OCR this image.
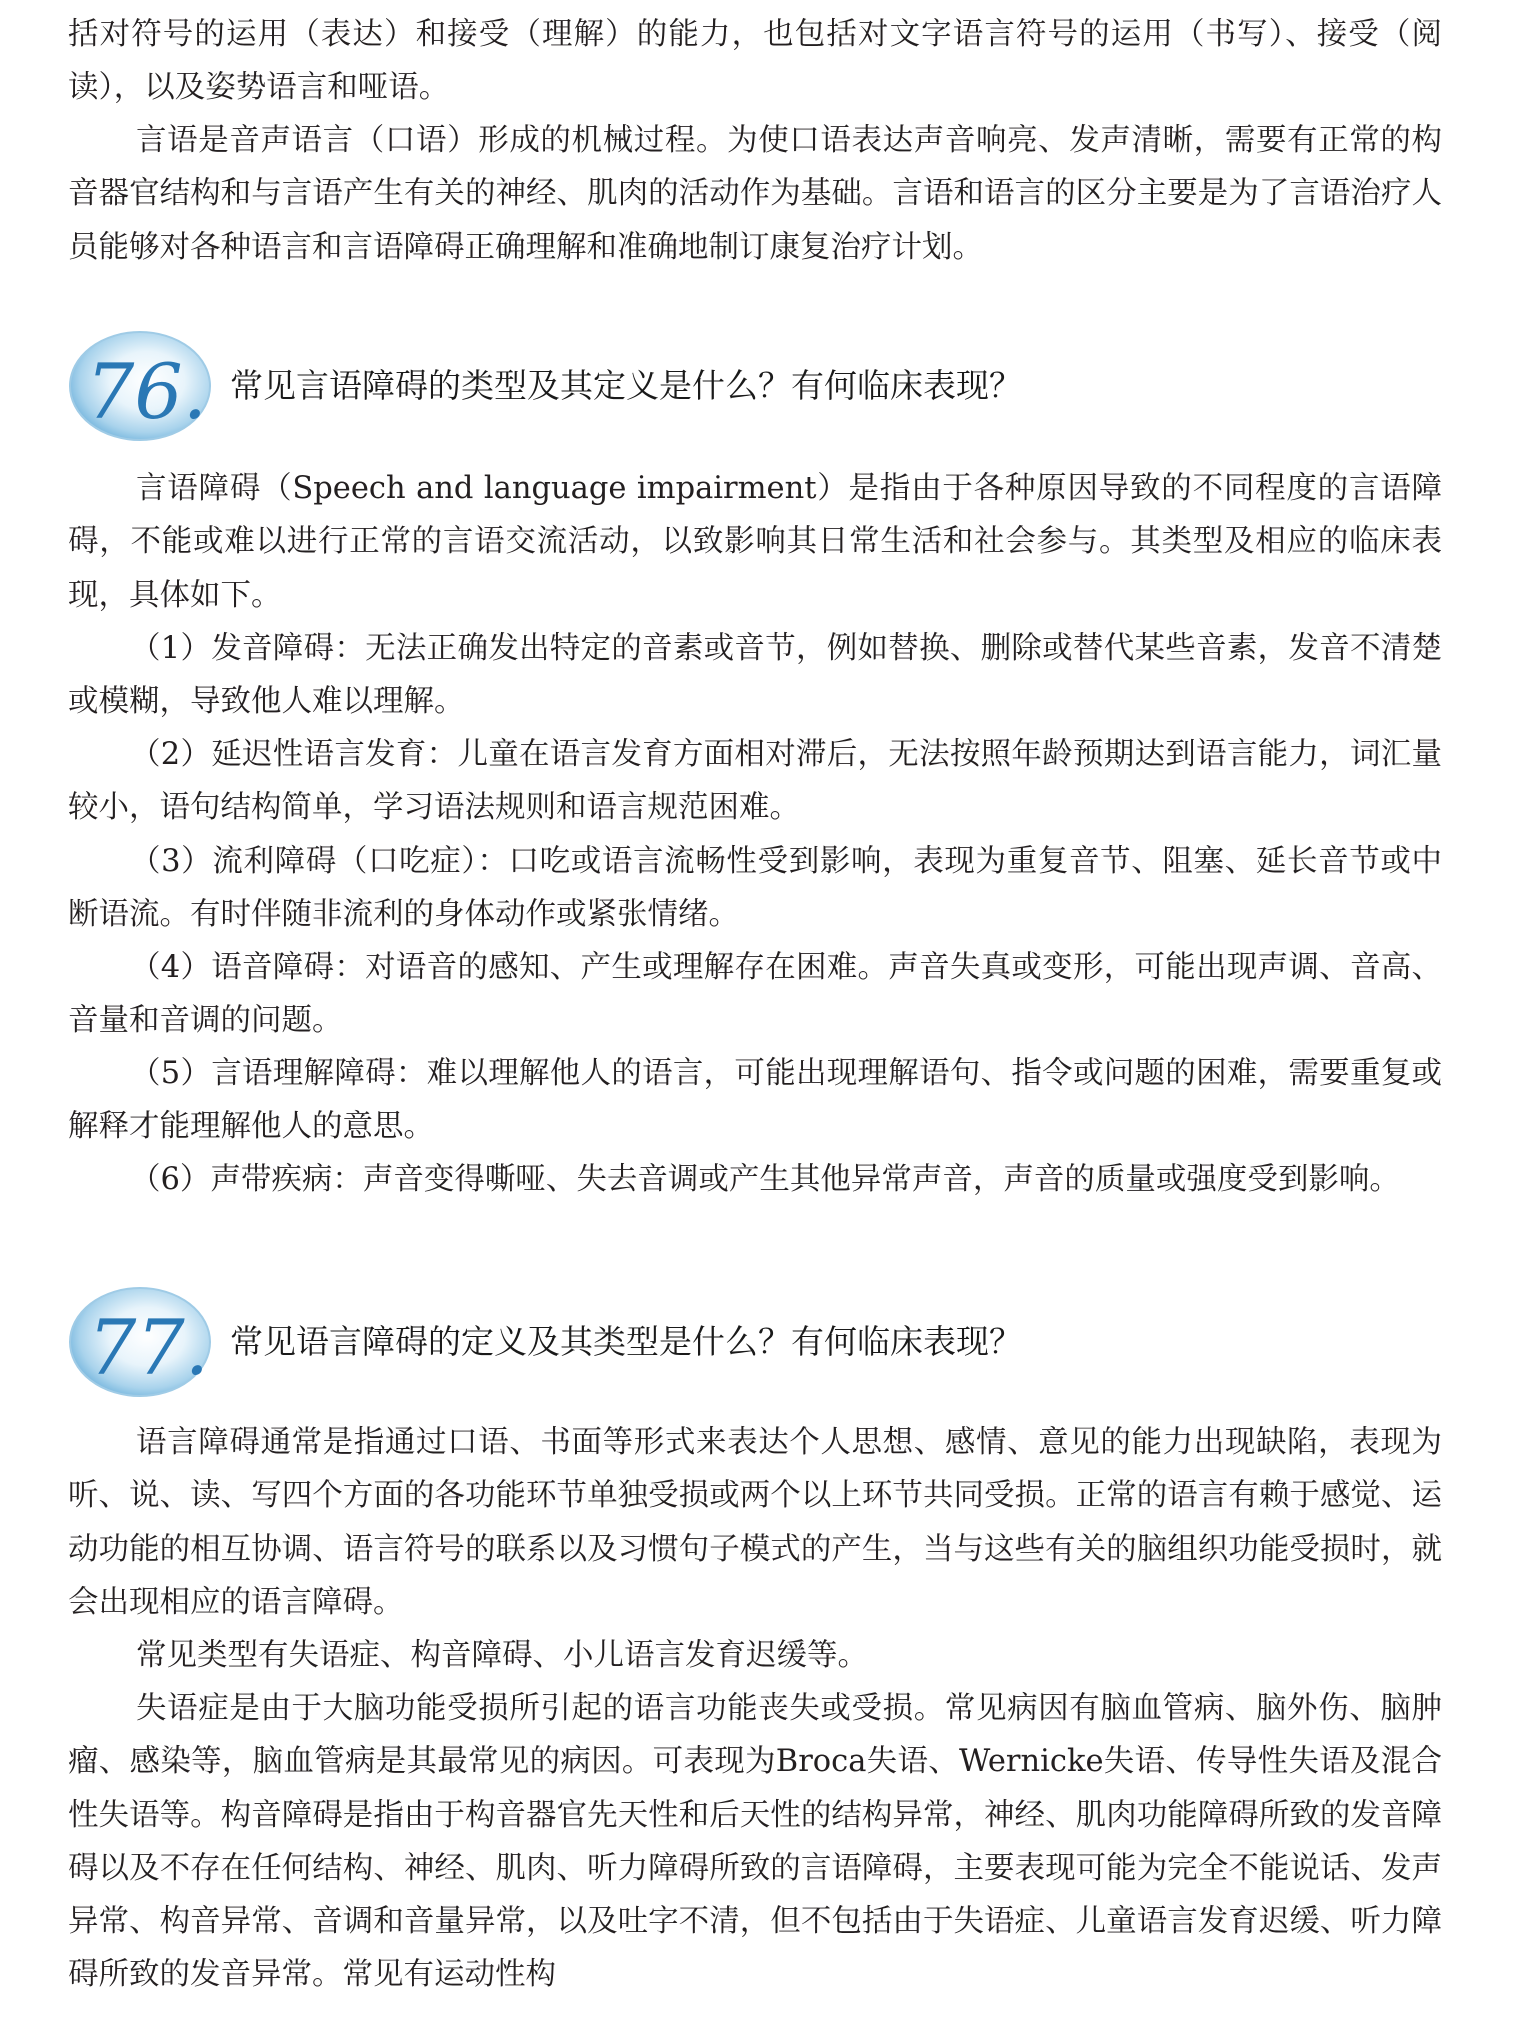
括对符号的运用（表达）和接受（理解）的能力，也包括对文字语言符号的运用（书写）、接受（阅读），以及姿势语言和哑语。

言语是音声语言（口语）形成的机械过程。为使口语表达声音响亮、发声清晰，需要有正常的构音器官结构和与言语产生有关的神经、肌肉的活动作为基础。言语和语言的区分主要是为了言语治疗人员能够对各种语言和言语障碍正确理解和准确地制订康复治疗计划。

76. 常见言语障碍的类型及其定义是什么？有何临床表现？

言语障碍（Speech and language impairment）是指由于各种原因导致的不同程度的言语障碍，不能或难以进行正常的言语交流活动，以致影响其日常生活和社会参与。其类型及相应的临床表现，具体如下。

（1）发音障碍：无法正确发出特定的音素或音节，例如替换、删除或替代某些音素，发音不清楚或模糊，导致他人难以理解。

（2）延迟性语言发育：儿童在语言发育方面相对滞后，无法按照年龄预期达到语言能力，词汇量较小，语句结构简单，学习语法规则和语言规范困难。

（3）流利障碍（口吃症）：口吃或语言流畅性受到影响，表现为重复音节、阻塞、延长音节或中断语流。有时伴随非流利的身体动作或紧张情绪。

（4）语音障碍：对语音的感知、产生或理解存在困难。声音失真或变形，可能出现声调、音高、音量和音调的问题。

（5）言语理解障碍：难以理解他人的语言，可能出现理解语句、指令或问题的困难，需要重复或解释才能理解他人的意思。

（6）声带疾病：声音变得嘶哑、失去音调或产生其他异常声音，声音的质量或强度受到影响。

77. 常见语言障碍的定义及其类型是什么？有何临床表现？

语言障碍通常是指通过口语、书面等形式来表达个人思想、感情、意见的能力出现缺陷，表现为听、说、读、写四个方面的各功能环节单独受损或两个以上环节共同受损。正常的语言有赖于感觉、运动功能的相互协调、语言符号的联系以及习惯句子模式的产生，当与这些有关的脑组织功能受损时，就会出现相应的语言障碍。

常见类型有失语症、构音障碍、小儿语言发育迟缓等。

失语症是由于大脑功能受损所引起的语言功能丧失或受损。常见病因有脑血管病、脑外伤、脑肿瘤、感染等，脑血管病是其最常见的病因。可表现为Broca失语、Wernicke失语、传导性失语及混合性失语等。构音障碍是指由于构音器官先天性和后天性的结构异常，神经、肌肉功能障碍所致的发音障碍以及不存在任何结构、神经、肌肉、听力障碍所致的言语障碍，主要表现可能为完全不能说话、发声异常、构音异常、音调和音量异常，以及吐字不清，但不包括由于失语症、儿童语言发育迟缓、听力障碍所致的发音异常。常见有运动性构
